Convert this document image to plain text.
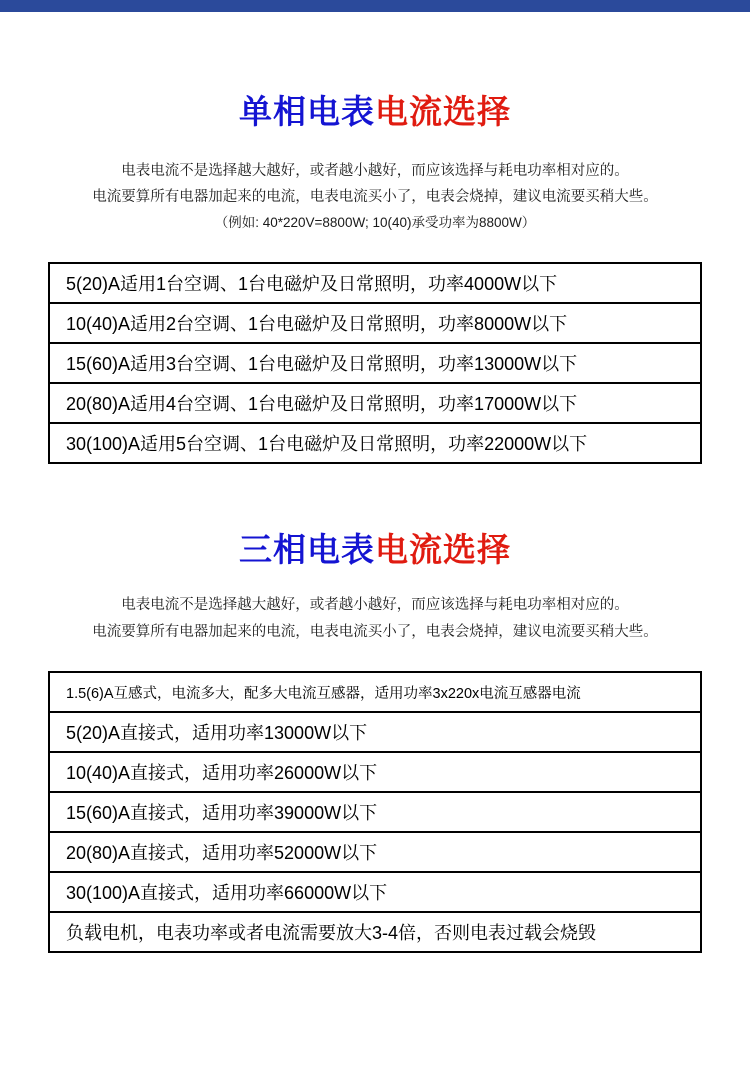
单相电表电流选择
电表电流不是选择越大越好，或者越小越好，而应该选择与耗电功率相对应的。
电流要算所有电器加起来的电流，电表电流买小了，电表会烧掉，建议电流要买稍大些。
（例如: 40*220V=8800W; 10(40)承受功率为8800W）
5(20)A适用1台空调、1台电磁炉及日常照明，功率4000W以下
10(40)A适用2台空调、1台电磁炉及日常照明，功率8000W以下
15(60)A适用3台空调、1台电磁炉及日常照明，功率13000W以下
20(80)A适用4台空调、1台电磁炉及日常照明，功率17000W以下
30(100)A适用5台空调、1台电磁炉及日常照明，功率22000W以下
三相电表电流选择
电表电流不是选择越大越好，或者越小越好，而应该选择与耗电功率相对应的。
电流要算所有电器加起来的电流，电表电流买小了，电表会烧掉，建议电流要买稍大些。
1.5(6)A互感式，电流多大，配多大电流互感器，适用功率3x220x电流互感器电流
5(20)A直接式，适用功率13000W以下
10(40)A直接式，适用功率26000W以下
15(60)A直接式，适用功率39000W以下
20(80)A直接式，适用功率52000W以下
30(100)A直接式，适用功率66000W以下
负载电机，电表功率或者电流需要放大3-4倍，否则电表过载会烧毁
